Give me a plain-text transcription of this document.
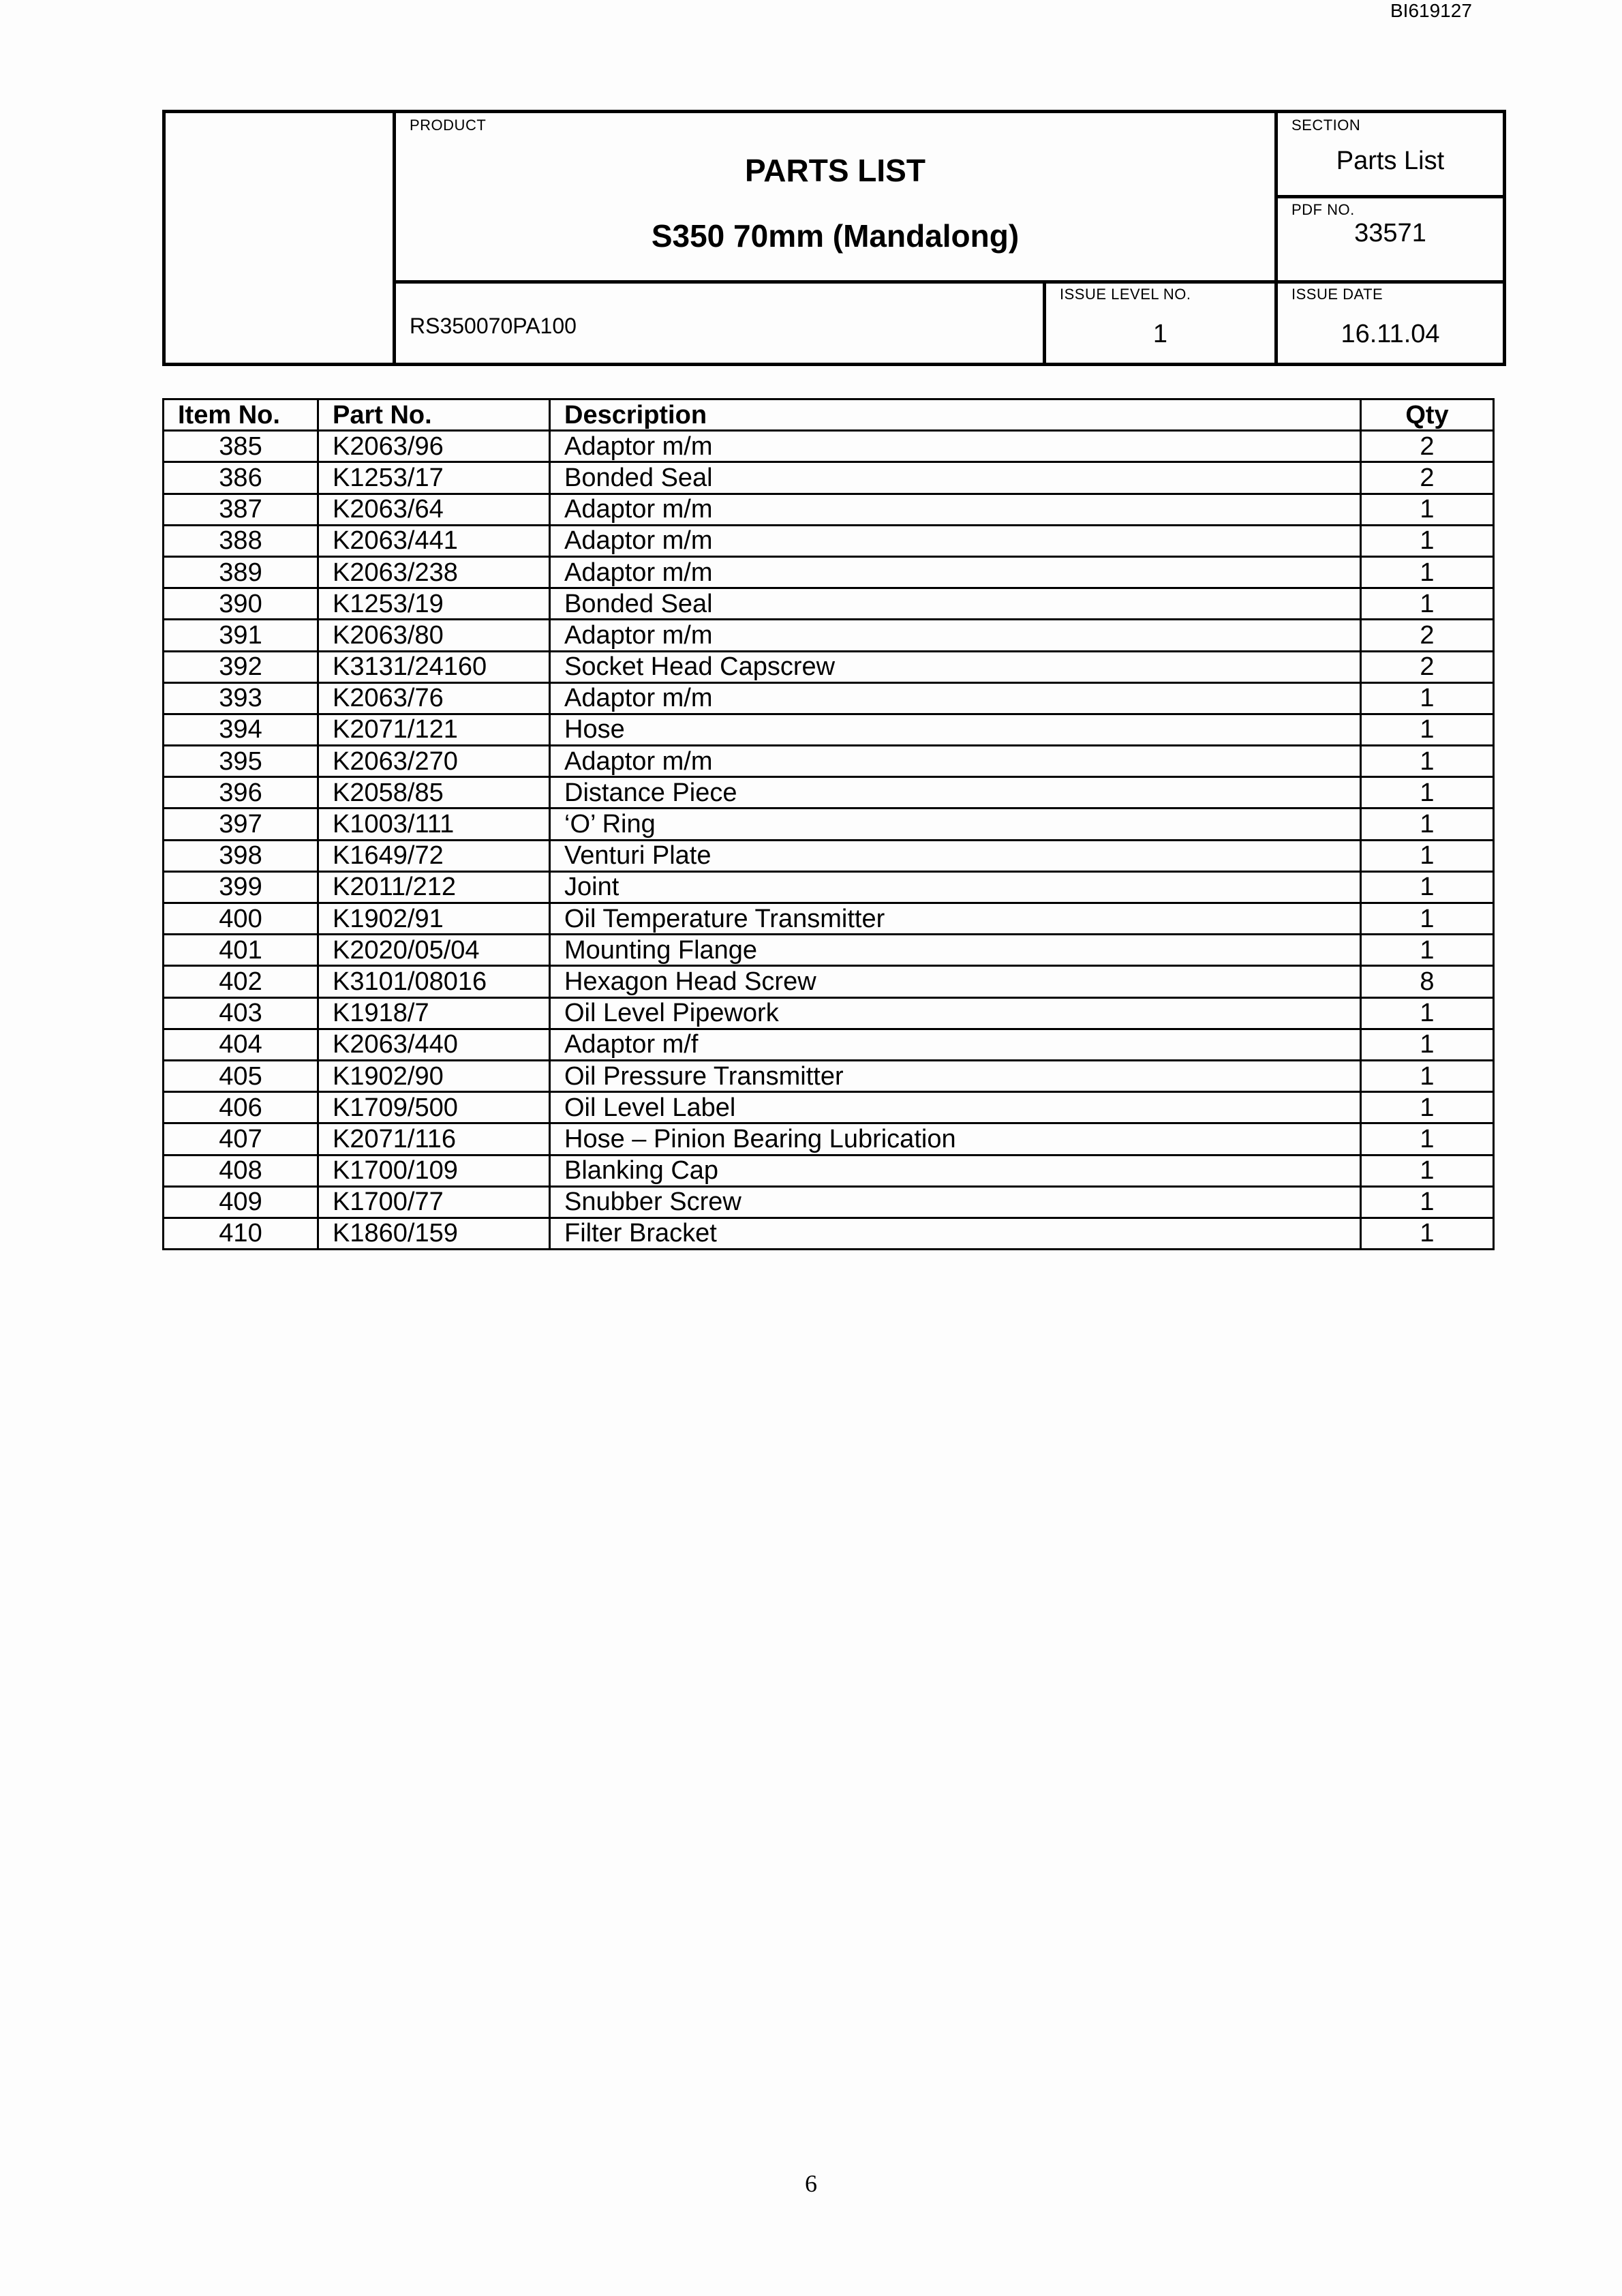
BI619127
PRODUCT
PARTS LIST
S350 70mm (Mandalong)
SECTION
Parts List
PDF NO.
33571
RS350070PA100
ISSUE LEVEL NO.
1
ISSUE DATE
16.11.04
Item No.	Part No.	Description	Qty
385	K2063/96	Adaptor m/m	2
386	K1253/17	Bonded Seal	2
387	K2063/64	Adaptor m/m	1
388	K2063/441	Adaptor m/m	1
389	K2063/238	Adaptor m/m	1
390	K1253/19	Bonded Seal	1
391	K2063/80	Adaptor m/m	2
392	K3131/24160	Socket Head Capscrew	2
393	K2063/76	Adaptor m/m	1
394	K2071/121	Hose	1
395	K2063/270	Adaptor m/m	1
396	K2058/85	Distance Piece	1
397	K1003/111	‘O’ Ring	1
398	K1649/72	Venturi Plate	1
399	K2011/212	Joint	1
400	K1902/91	Oil Temperature Transmitter	1
401	K2020/05/04	Mounting Flange	1
402	K3101/08016	Hexagon Head Screw	8
403	K1918/7	Oil Level Pipework	1
404	K2063/440	Adaptor m/f	1
405	K1902/90	Oil Pressure Transmitter	1
406	K1709/500	Oil Level Label	1
407	K2071/116	Hose – Pinion Bearing Lubrication	1
408	K1700/109	Blanking Cap	1
409	K1700/77	Snubber Screw	1
410	K1860/159	Filter Bracket	1
6
